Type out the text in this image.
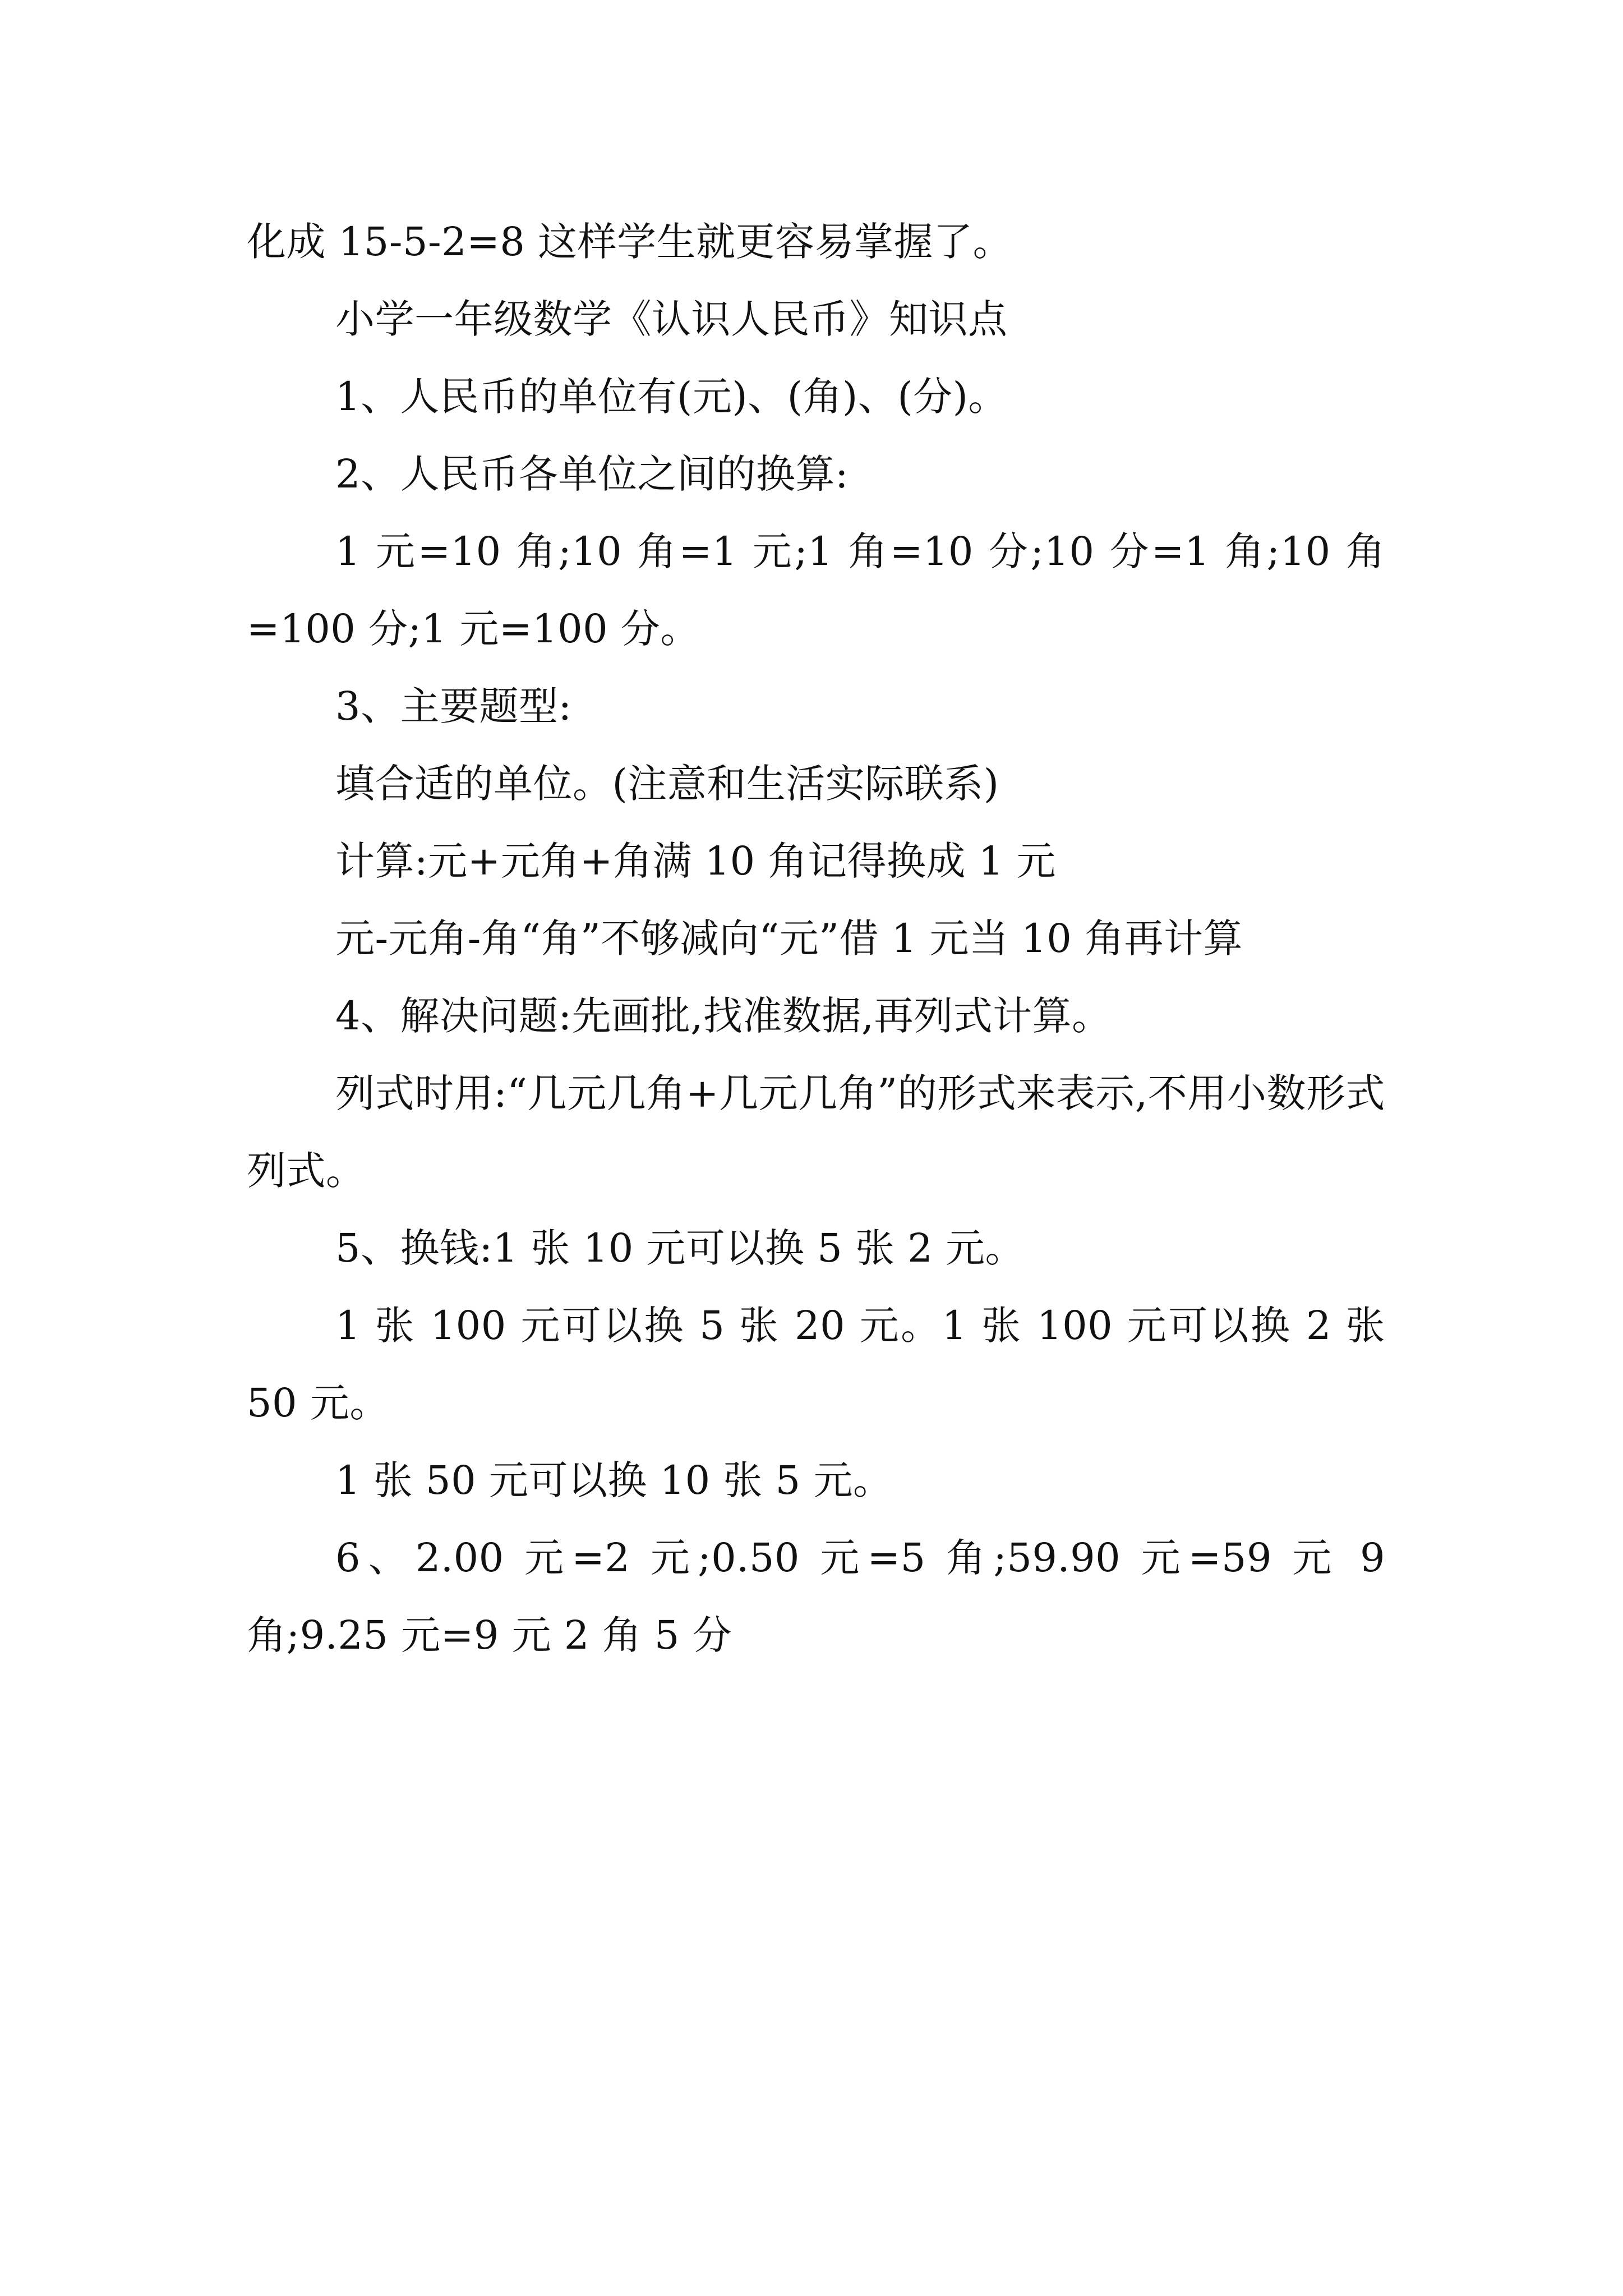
化成 15-5-2=8 这样学生就更容易掌握了。

小学一年级数学《认识人民币》知识点

1、人民币的单位有(元)、(角)、(分)。

2、人民币各单位之间的换算:

1 元=10 角;10 角=1 元;1 角=10 分;10 分=1 角;10 角=100 分;1 元=100 分。

3、主要题型:

填合适的单位。(注意和生活实际联系)

计算:元+元角+角满 10 角记得换成 1 元

元-元角-角“角”不够减向“元”借 1 元当 10 角再计算

4、解决问题:先画批,找准数据,再列式计算。

列式时用:“几元几角+几元几角”的形式来表示,不用小数形式列式。

5、换钱:1 张 10 元可以换 5 张 2 元。

1 张 100 元可以换 5 张 20 元。1 张 100 元可以换 2 张 50 元。

1 张 50 元可以换 10 张 5 元。

6、2.00 元=2 元;0.50 元=5 角;59.90 元=59 元 9 角;9.25 元=9 元 2 角 5 分
